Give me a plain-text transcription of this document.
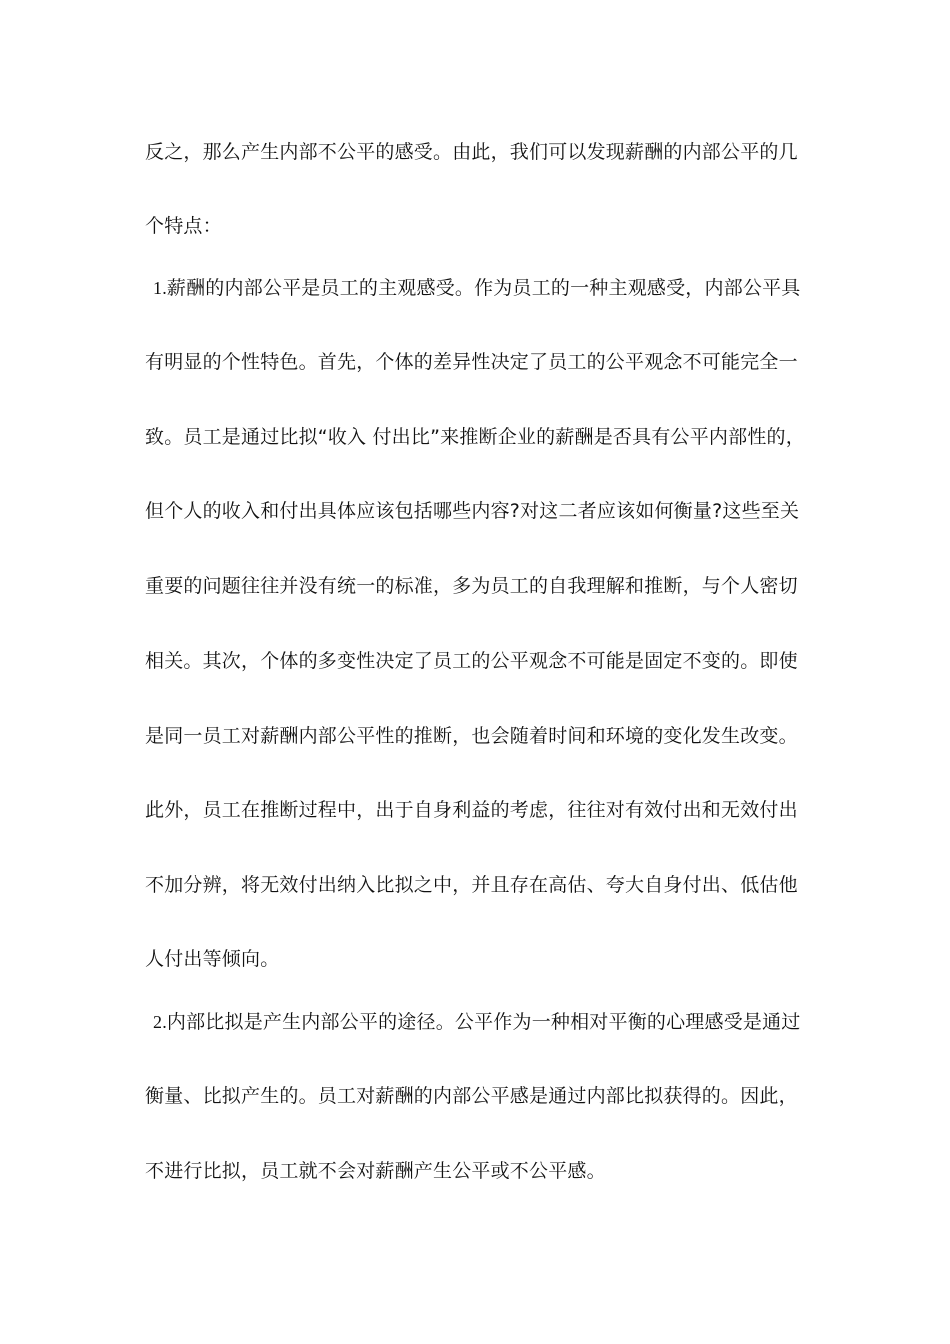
反之，那么产生内部不公平的感受。由此，我们可以发现薪酬的内部公平的几
个特点：
1.薪酬的内部公平是员工的主观感受。作为员工的一种主观感受，内部公平具
有明显的个性特色。首先，个体的差异性决定了员工的公平观念不可能完全一
致。员工是通过比拟“收入 付出比”来推断企业的薪酬是否具有公平内部性的，
但个人的收入和付出具体应该包括哪些内容?对这二者应该如何衡量?这些至关
重要的问题往往并没有统一的标准，多为员工的自我理解和推断，与个人密切
相关。其次，个体的多变性决定了员工的公平观念不可能是固定不变的。即使
是同一员工对薪酬内部公平性的推断，也会随着时间和环境的变化发生改变。
此外，员工在推断过程中，出于自身利益的考虑，往往对有效付出和无效付出
不加分辨，将无效付出纳入比拟之中，并且存在高估、夸大自身付出、低估他
人付出等倾向。
2.内部比拟是产生内部公平的途径。公平作为一种相对平衡的心理感受是通过
衡量、比拟产生的。员工对薪酬的内部公平感是通过内部比拟获得的。因此，
不进行比拟，员工就不会对薪酬产生公平或不公平感。
